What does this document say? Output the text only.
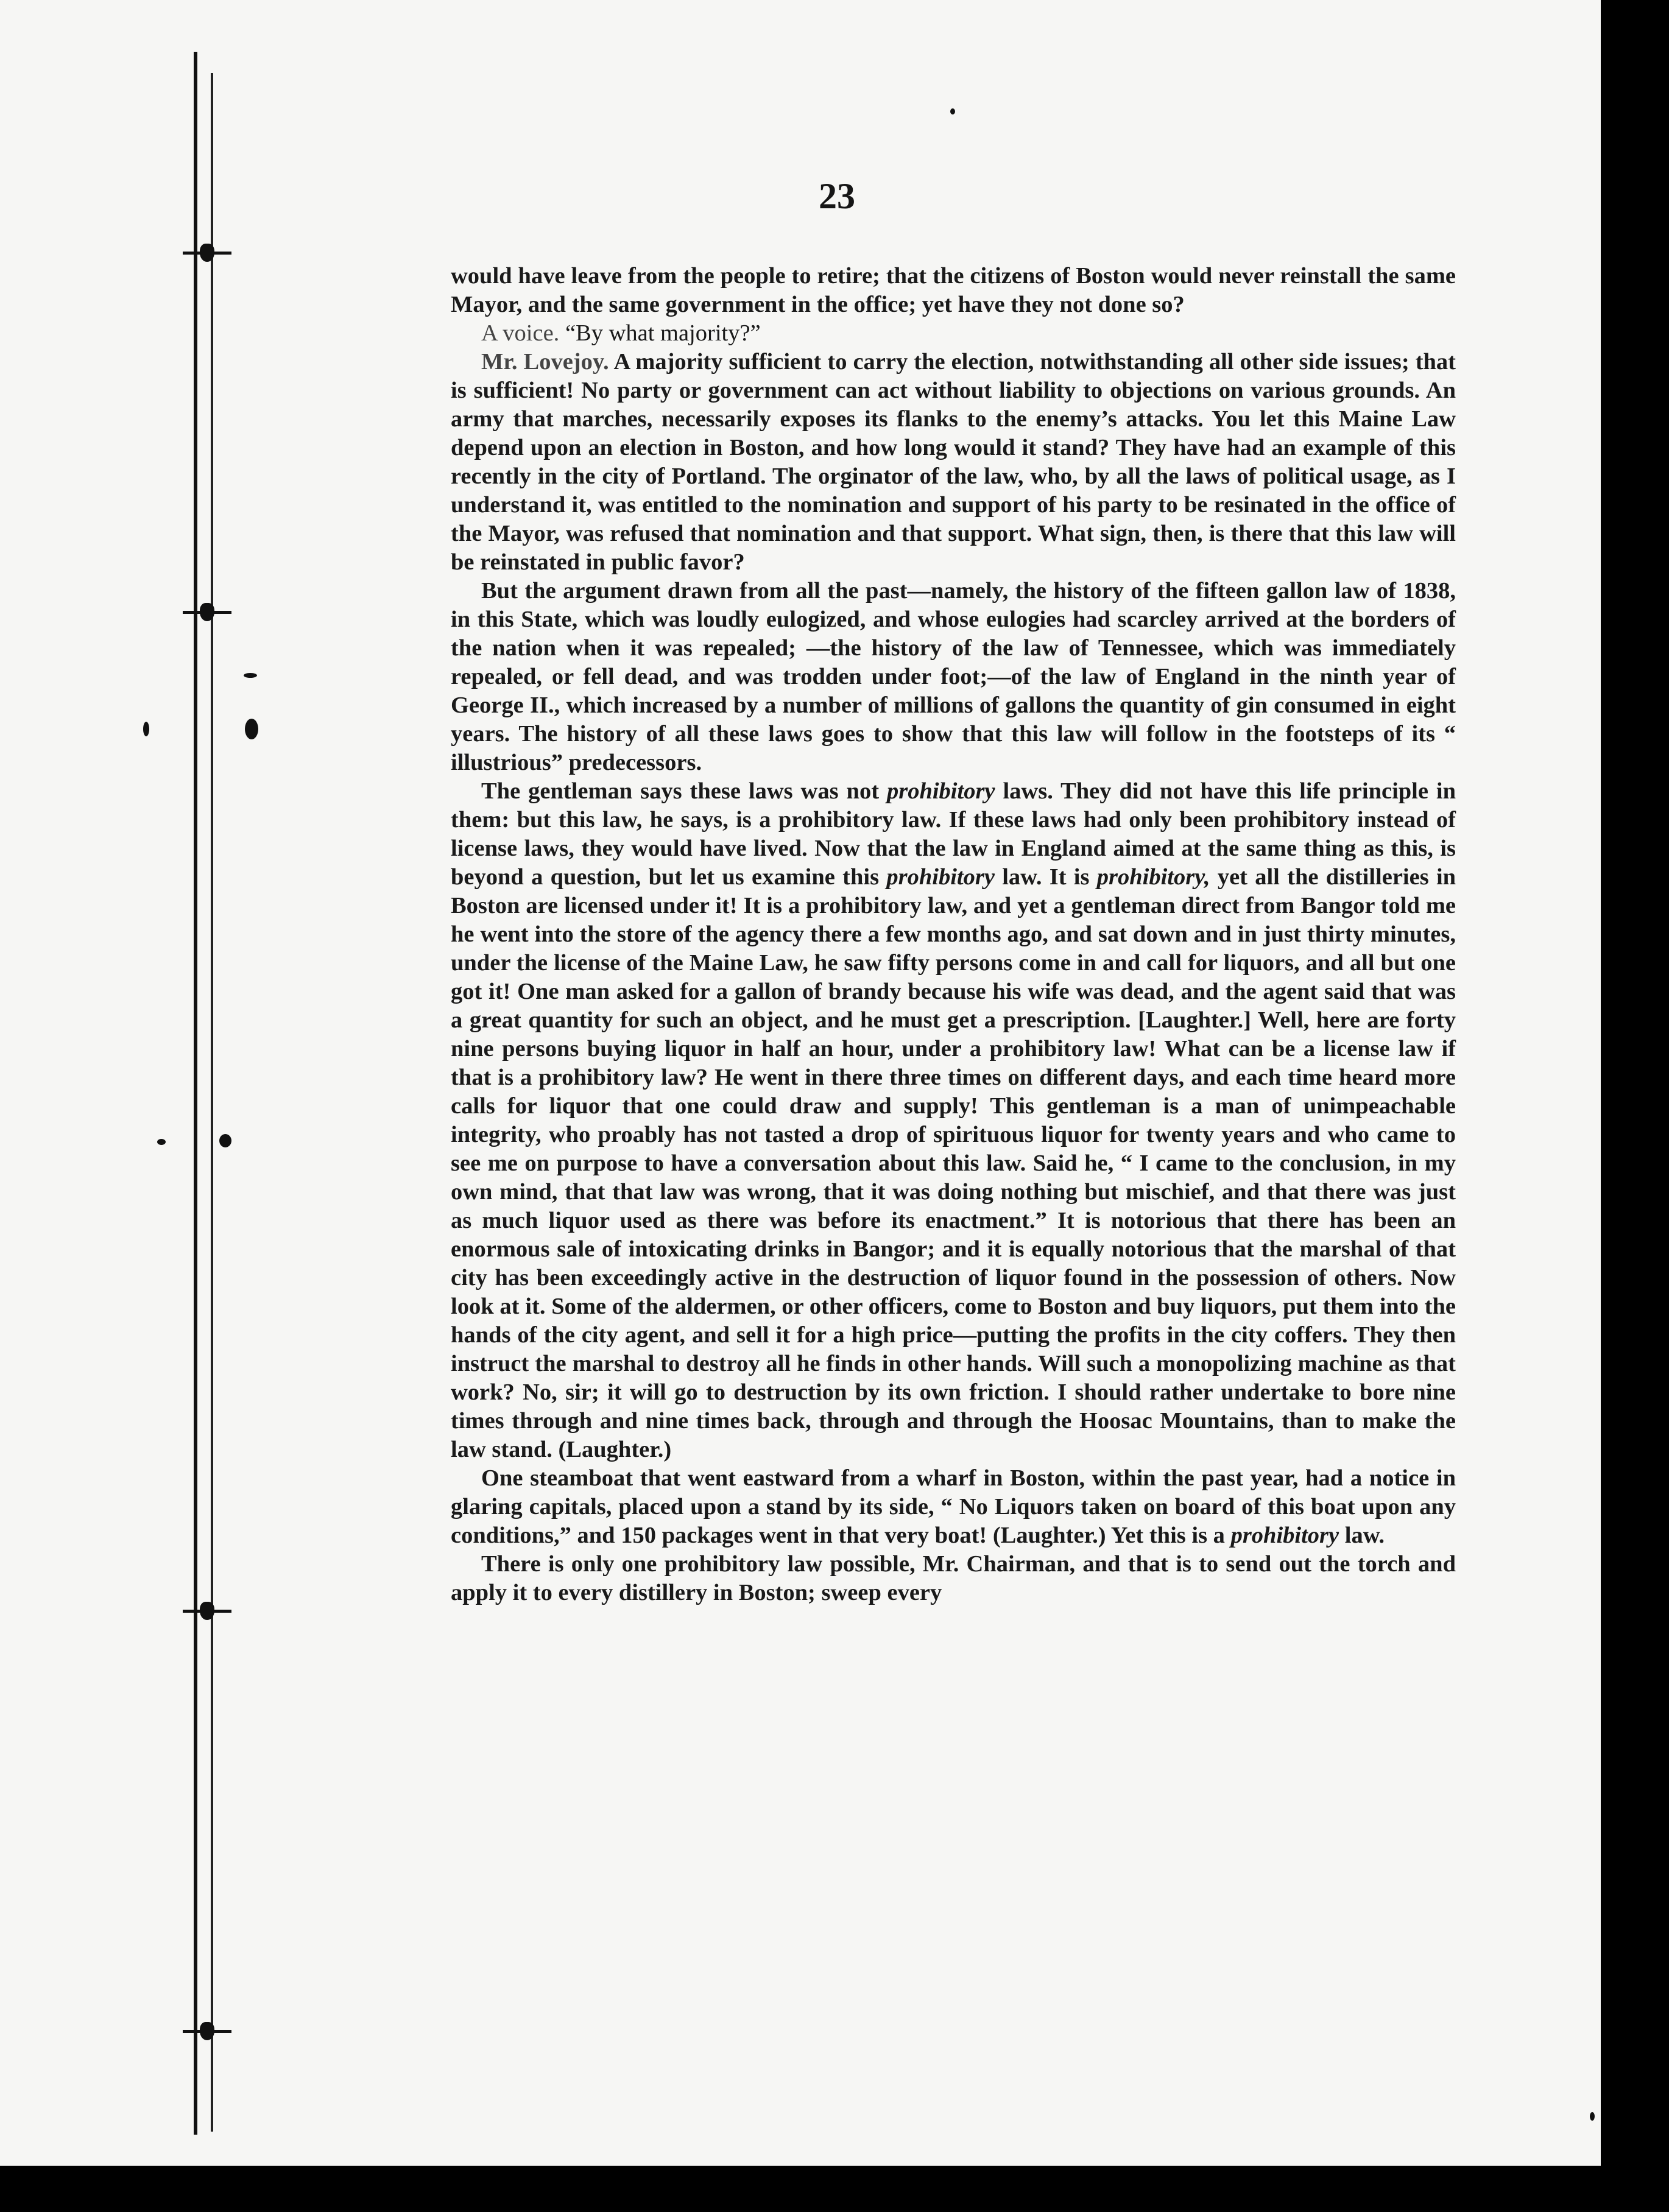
23

would have leave from the people to retire; that the citizens of Boston would never reinstall the same Mayor, and the same government in the office; yet have they not done so?

A voice. “By what majority?”

Mr. Lovejoy. A majority sufficient to carry the election, notwithstanding all other side issues; that is sufficient! No party or government can act without liability to objections on various grounds. An army that marches, necessarily exposes its flanks to the enemy’s attacks. You let this Maine Law depend upon an election in Boston, and how long would it stand? They have had an example of this recently in the city of Portland. The orginator of the law, who, by all the laws of political usage, as I understand it, was entitled to the nomination and support of his party to be resinated in the office of the Mayor, was refused that nomination and that support. What sign, then, is there that this law will be reinstated in public favor?

But the argument drawn from all the past—namely, the history of the fifteen gallon law of 1838, in this State, which was loudly eulogized, and whose eulogies had scarcley arrived at the borders of the nation when it was repealed; —the history of the law of Tennessee, which was immediately repealed, or fell dead, and was trodden under foot;—of the law of England in the ninth year of George II., which increased by a number of millions of gallons the quantity of gin consumed in eight years. The history of all these laws goes to show that this law will follow in the footsteps of its “ illustrious” predecessors.

The gentleman says these laws was not prohibitory laws. They did not have this life principle in them: but this law, he says, is a prohibitory law. If these laws had only been prohibitory instead of license laws, they would have lived. Now that the law in England aimed at the same thing as this, is beyond a question, but let us examine this prohibitory law. It is prohibitory, yet all the distilleries in Boston are licensed under it! It is a prohibitory law, and yet a gentleman direct from Bangor told me he went into the store of the agency there a few months ago, and sat down and in just thirty minutes, under the license of the Maine Law, he saw fifty persons come in and call for liquors, and all but one got it! One man asked for a gallon of brandy because his wife was dead, and the agent said that was a great quantity for such an object, and he must get a prescription. [Laughter.] Well, here are forty nine persons buying liquor in half an hour, under a prohibitory law! What can be a license law if that is a prohibitory law? He went in there three times on different days, and each time heard more calls for liquor that one could draw and supply! This gentleman is a man of unimpeachable integrity, who proably has not tasted a drop of spirituous liquor for twenty years and who came to see me on purpose to have a conversation about this law. Said he, “ I came to the conclusion, in my own mind, that that law was wrong, that it was doing nothing but mischief, and that there was just as much liquor used as there was before its enactment.” It is notorious that there has been an enormous sale of intoxicating drinks in Bangor; and it is equally notorious that the marshal of that city has been exceedingly active in the destruction of liquor found in the possession of others. Now look at it. Some of the aldermen, or other officers, come to Boston and buy liquors, put them into the hands of the city agent, and sell it for a high price—putting the profits in the city coffers. They then instruct the marshal to destroy all he finds in other hands. Will such a monopolizing machine as that work? No, sir; it will go to destruction by its own friction. I should rather undertake to bore nine times through and nine times back, through and through the Hoosac Mountains, than to make the law stand. (Laughter.)

One steamboat that went eastward from a wharf in Boston, within the past year, had a notice in glaring capitals, placed upon a stand by its side, “ No Liquors taken on board of this boat upon any conditions,” and 150 packages went in that very boat! (Laughter.) Yet this is a prohibitory law.

There is only one prohibitory law possible, Mr. Chairman, and that is to send out the torch and apply it to every distillery in Boston; sweep every
